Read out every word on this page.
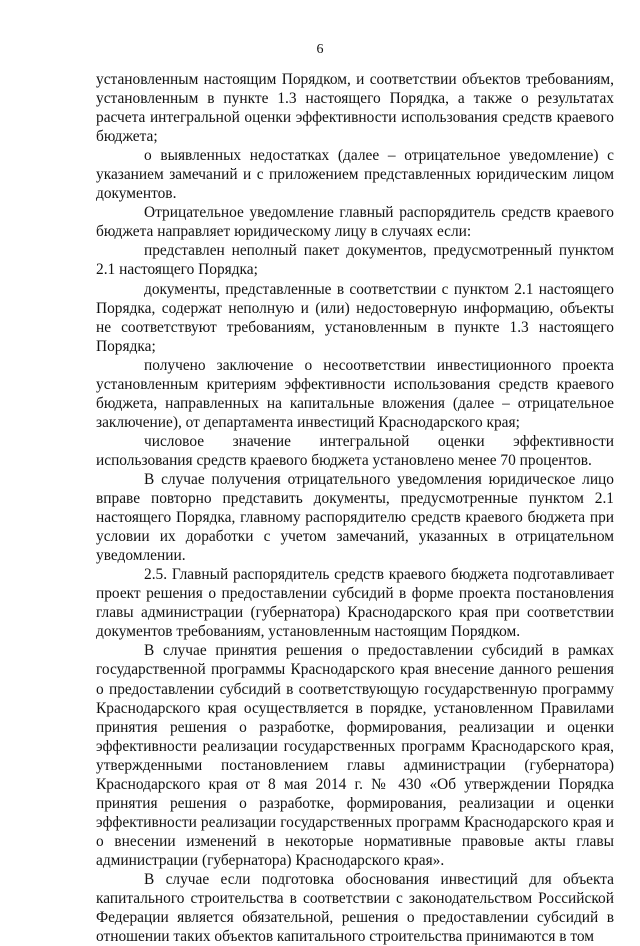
6

установленным настоящим Порядком, и соответствии объектов требованиям, установленным в пункте 1.3 настоящего Порядка, а также о результатах расчета интегральной оценки эффективности использования средств краевого бюджета;

о выявленных недостатках (далее – отрицательное уведомление) с указанием замечаний и с приложением представленных юридическим лицом документов.

Отрицательное уведомление главный распорядитель средств краевого бюджета направляет юридическому лицу в случаях если:

представлен неполный пакет документов, предусмотренный пунктом 2.1 настоящего Порядка;

документы, представленные в соответствии с пунктом 2.1 настоящего Порядка, содержат неполную и (или) недостоверную информацию, объекты не соответствуют требованиям, установленным в пункте 1.3 настоящего Порядка;

получено заключение о несоответствии инвестиционного проекта установленным критериям эффективности использования средств краевого бюджета, направленных на капитальные вложения (далее – отрицательное заключение), от департамента инвестиций Краснодарского края;

числовое значение интегральной оценки эффективности использования средств краевого бюджета установлено менее 70 процентов.

В случае получения отрицательного уведомления юридическое лицо вправе повторно представить документы, предусмотренные пунктом 2.1 настоящего Порядка, главному распорядителю средств краевого бюджета при условии их доработки с учетом замечаний, указанных в отрицательном уведомлении.

2.5. Главный распорядитель средств краевого бюджета подготавливает проект решения о предоставлении субсидий в форме проекта постановления главы администрации (губернатора) Краснодарского края при соответствии документов требованиям, установленным настоящим Порядком.

В случае принятия решения о предоставлении субсидий в рамках государственной программы Краснодарского края внесение данного решения о предоставлении субсидий в соответствующую государственную программу Краснодарского края осуществляется в порядке, установленном Правилами принятия решения о разработке, формирования, реализации и оценки эффективности реализации государственных программ Краснодарского края, утвержденными постановлением главы администрации (губернатора) Краснодарского края от 8 мая 2014 г. № 430 «Об утверждении Порядка принятия решения о разработке, формирования, реализации и оценки эффективности реализации государственных программ Краснодарского края и о внесении изменений в некоторые нормативные правовые акты главы администрации (губернатора) Краснодарского края».

В случае если подготовка обоснования инвестиций для объекта капитального строительства в соответствии с законодательством Российской Федерации является обязательной, решения о предоставлении субсидий в отношении таких объектов капитального строительства принимаются в том
